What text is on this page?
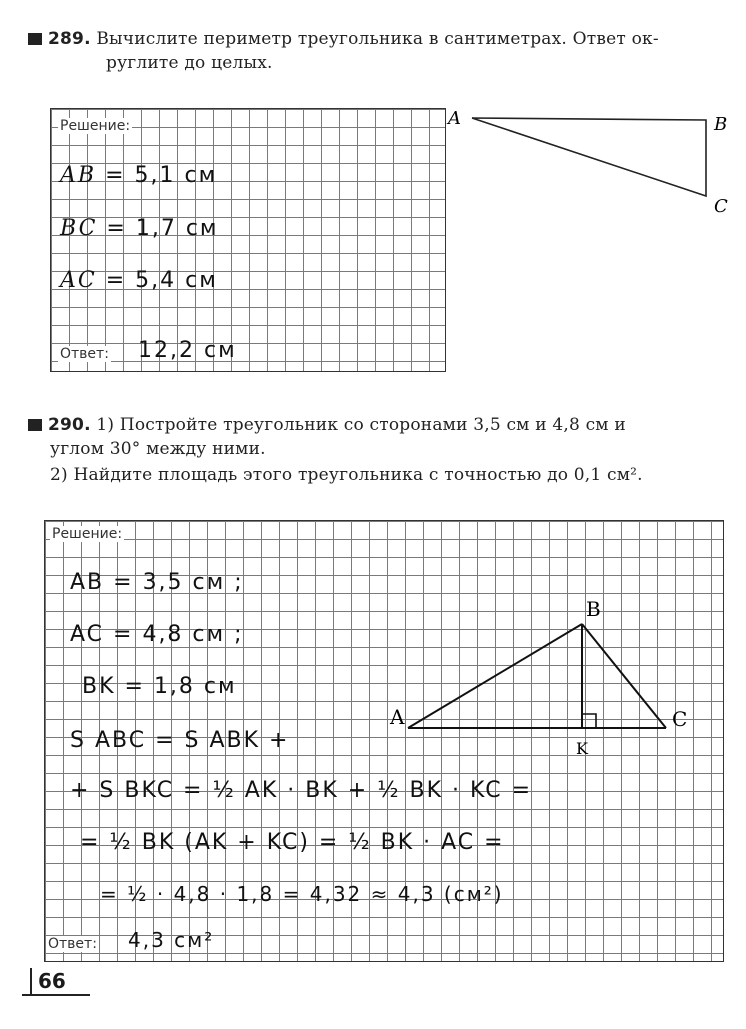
289. Вычислите периметр треугольника в сантиметрах. Ответ ок-
руглите до целых.
Решение:
AB = 5,1 см
BC = 1,7 см
AC = 5,4 см
Ответ: 12,2 см
A	B
C
290. 1) Постройте треугольник со сторонами 3,5 см и 4,8 см и
углом 30° между ними.
2) Найдите площадь этого треугольника с точностью до 0,1 см².
Решение:
AB = 3,5 см ;
AC = 4,8 см ;
BK = 1,8 см
S ABC = S ABK +
+ S BKC = ½ AK · BK + ½ BK · KC =
= ½ BK (AK + KC) = ½ BK · AC =
= ½ · 4,8 · 1,8 = 4,32 ≈ 4,3 (см²)
Ответ: 4,3 см²
A
B
C
K
66
